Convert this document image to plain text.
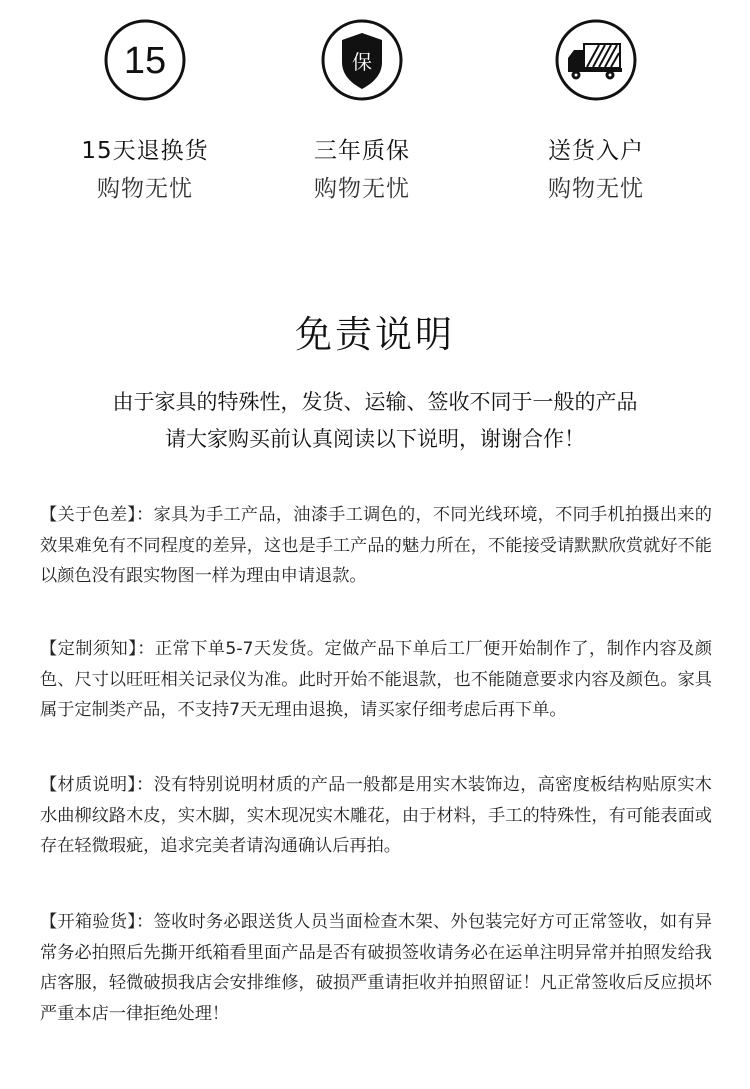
15
15天退换货
购物无忧
保
三年质保
购物无忧
送货入户
购物无忧
免责说明
由于家具的特殊性，发货、运输、签收不同于一般的产品
请大家购买前认真阅读以下说明，谢谢合作！
【关于色差】：家具为手工产品，油漆手工调色的，不同光线环境，不同手机拍摄出来的效果难免有不同程度的差异，这也是手工产品的魅力所在，不能接受请默默欣赏就好不能以颜色没有跟实物图一样为理由申请退款。
【定制须知】：正常下单5-7天发货。定做产品下单后工厂便开始制作了，制作内容及颜色、尺寸以旺旺相关记录仪为准。此时开始不能退款，也不能随意要求内容及颜色。家具属于定制类产品，不支持7天无理由退换，请买家仔细考虑后再下单。
【材质说明】：没有特别说明材质的产品一般都是用实木装饰边，高密度板结构贴原实木水曲柳纹路木皮，实木脚，实木现况实木雕花，由于材料，手工的特殊性，有可能表面或存在轻微瑕疵，追求完美者请沟通确认后再拍。
【开箱验货】：签收时务必跟送货人员当面检查木架、外包装完好方可正常签收，如有异常务必拍照后先撕开纸箱看里面产品是否有破损签收请务必在运单注明异常并拍照发给我店客服，轻微破损我店会安排维修，破损严重请拒收并拍照留证！凡正常签收后反应损坏严重本店一律拒绝处理！
